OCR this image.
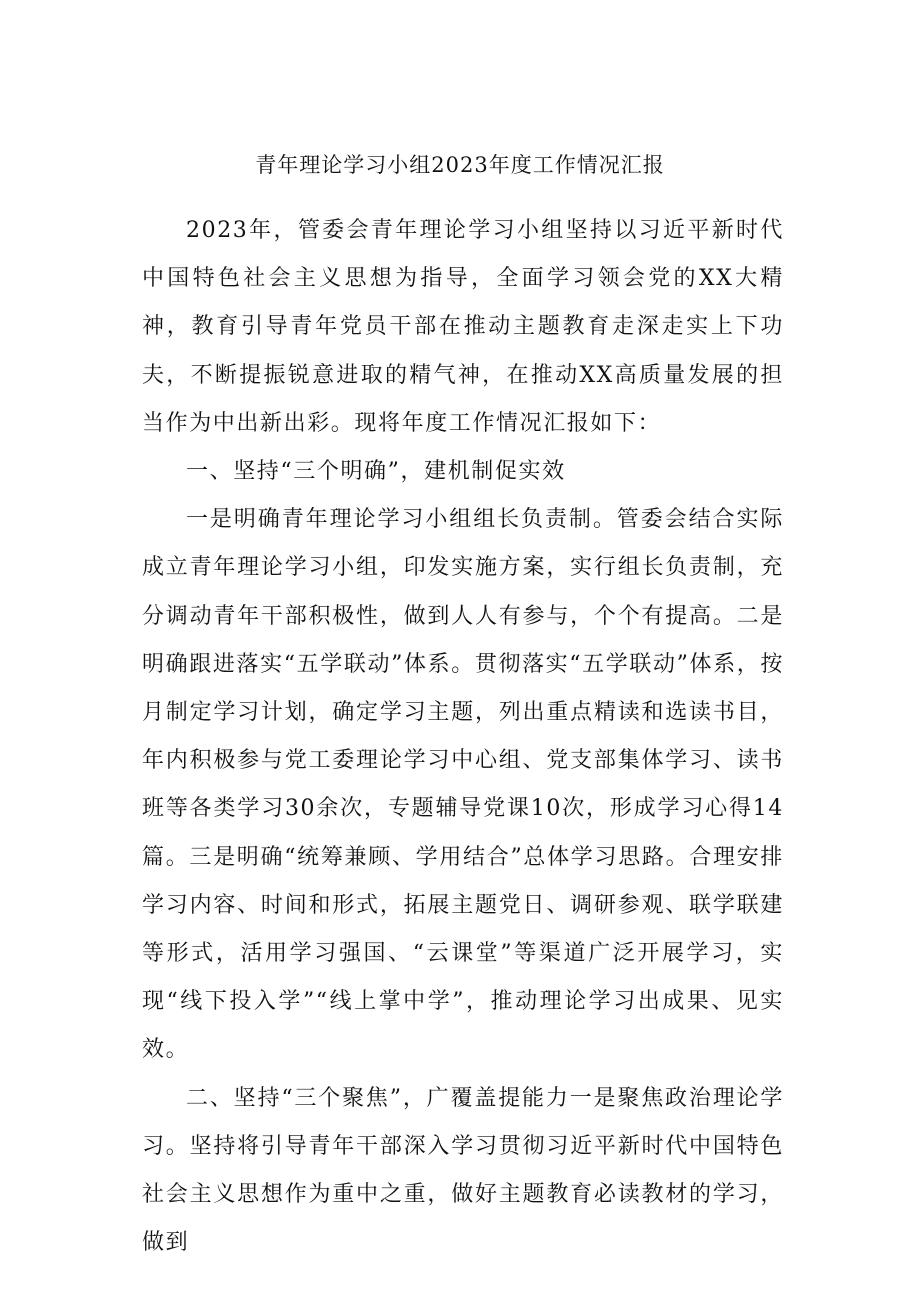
青年理论学习小组2023年度工作情况汇报

2023年，管委会青年理论学习小组坚持以习近平新时代中国特色社会主义思想为指导，全面学习领会党的XX大精神，教育引导青年党员干部在推动主题教育走深走实上下功夫，不断提振锐意进取的精气神，在推动XX高质量发展的担当作为中出新出彩。现将年度工作情况汇报如下：

一、坚持“三个明确”，建机制促实效

一是明确青年理论学习小组组长负责制。管委会结合实际成立青年理论学习小组，印发实施方案，实行组长负责制，充分调动青年干部积极性，做到人人有参与，个个有提高。二是明确跟进落实“五学联动”体系。贯彻落实“五学联动”体系，按月制定学习计划，确定学习主题，列出重点精读和选读书目，年内积极参与党工委理论学习中心组、党支部集体学习、读书班等各类学习30余次，专题辅导党课10次，形成学习心得14篇。三是明确“统筹兼顾、学用结合”总体学习思路。合理安排学习内容、时间和形式，拓展主题党日、调研参观、联学联建等形式，活用学习强国、“云课堂”等渠道广泛开展学习，实现“线下投入学”“线上掌中学”，推动理论学习出成果、见实效。

二、坚持“三个聚焦”，广覆盖提能力一是聚焦政治理论学习。坚持将引导青年干部深入学习贯彻习近平新时代中国特色社会主义思想作为重中之重，做好主题教育必读教材的学习，做到
